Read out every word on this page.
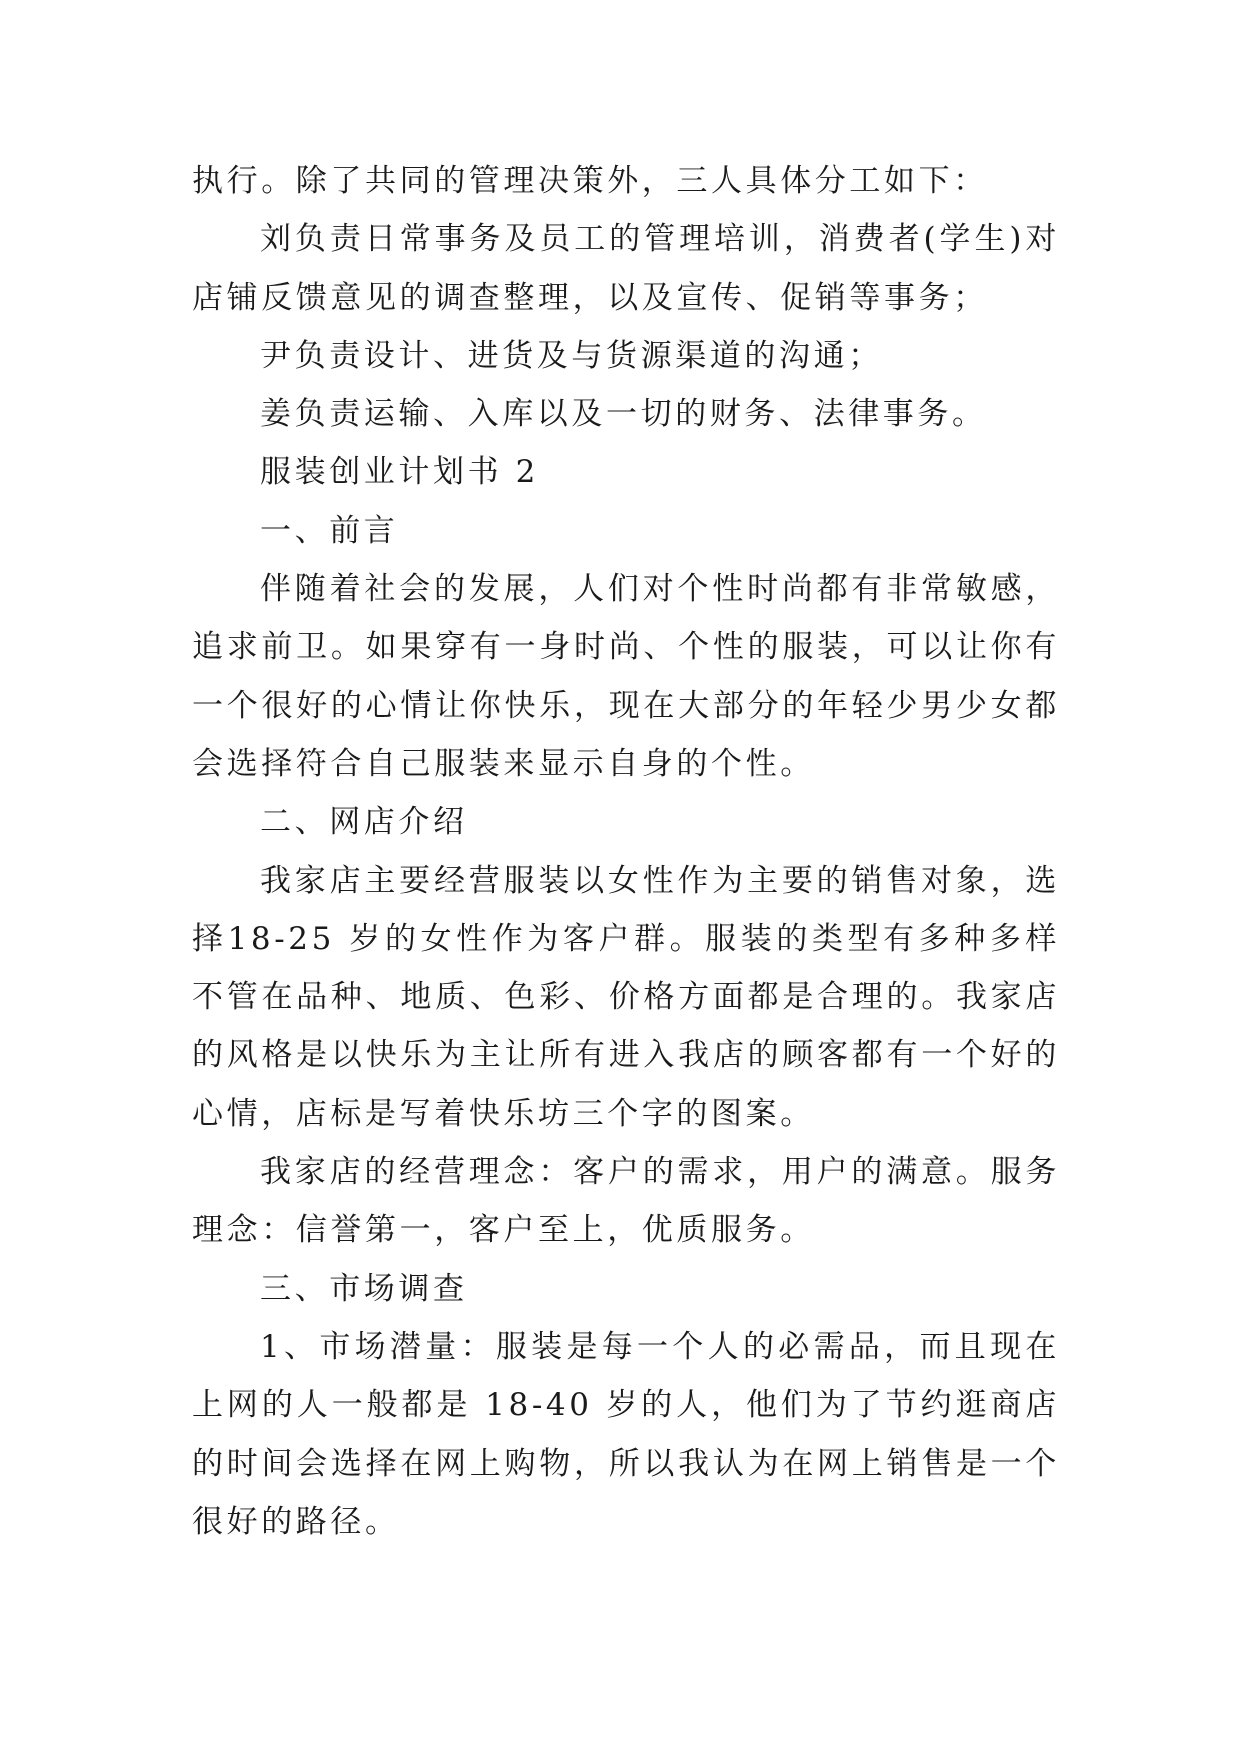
执行。除了共同的管理决策外，三人具体分工如下：

刘负责日常事务及员工的管理培训，消费者(学生)对店铺反馈意见的调查整理，以及宣传、促销等事务；

尹负责设计、进货及与货源渠道的沟通；

姜负责运输、入库以及一切的财务、法律事务。

服装创业计划书 2

一、前言

伴随着社会的发展，人们对个性时尚都有非常敏感，追求前卫。如果穿有一身时尚、个性的服装，可以让你有一个很好的心情让你快乐，现在大部分的年轻少男少女都会选择符合自己服装来显示自身的个性。

二、网店介绍

我家店主要经营服装以女性作为主要的销售对象，选择18-25 岁的女性作为客户群。服装的类型有多种多样不管在品种、地质、色彩、价格方面都是合理的。我家店的风格是以快乐为主让所有进入我店的顾客都有一个好的心情，店标是写着快乐坊三个字的图案。

我家店的经营理念：客户的需求，用户的满意。服务理念：信誉第一，客户至上，优质服务。

三、市场调查

1、市场潜量：服装是每一个人的必需品，而且现在上网的人一般都是 18-40 岁的人，他们为了节约逛商店的时间会选择在网上购物，所以我认为在网上销售是一个很好的路径。
